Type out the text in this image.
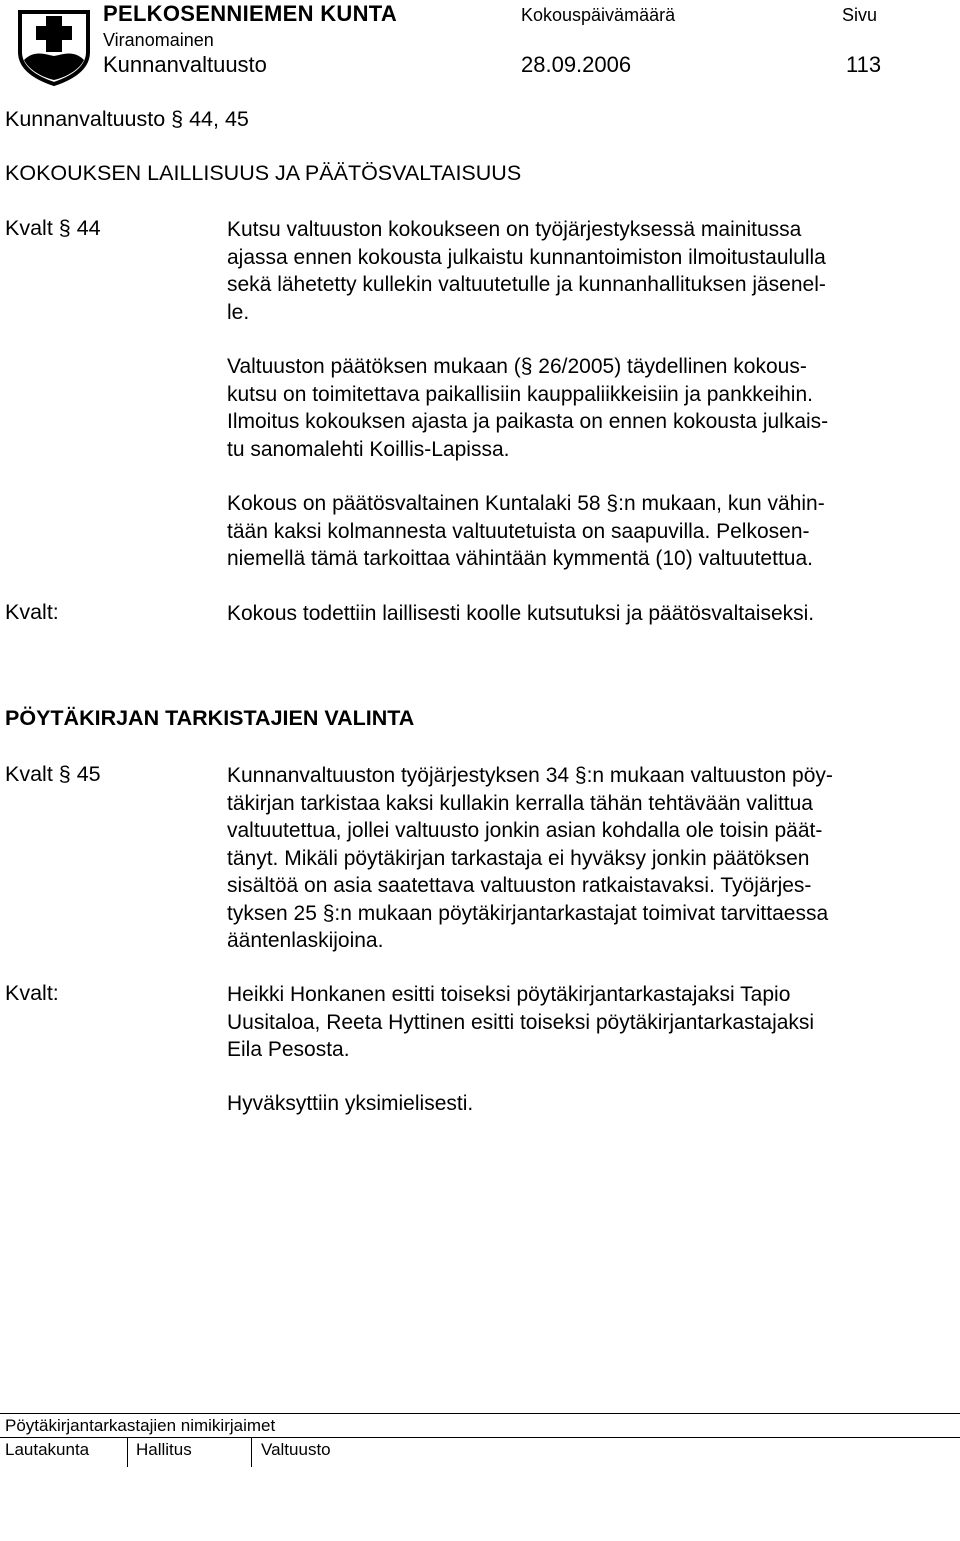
PELKOSENNIEMEN KUNTA	Kokouspäivämäärä	Sivu
Viranomainen
Kunnanvaltuusto	28.09.2006	113
Kunnanvaltuusto § 44, 45
KOKOUKSEN LAILLISUUS JA PÄÄTÖSVALTAISUUS
Kvalt § 44	Kutsu valtuuston kokoukseen on työjärjestyksessä mainitussa
ajassa ennen kokousta julkaistu kunnantoimiston ilmoitustaululla
sekä lähetetty kullekin valtuutetulle ja kunnanhallituksen jäsenel-
le.
Valtuuston päätöksen mukaan (§ 26/2005) täydellinen kokous-
kutsu on toimitettava paikallisiin kauppaliikkeisiin ja pankkeihin.
Ilmoitus kokouksen ajasta ja paikasta on ennen kokousta julkais-
tu sanomalehti Koillis-Lapissa.
Kokous on päätösvaltainen Kuntalaki 58 §:n mukaan, kun vähin-
tään kaksi kolmannesta valtuutetuista on saapuvilla. Pelkosen-
niemellä tämä tarkoittaa vähintään kymmentä (10) valtuutettua.
Kvalt:	Kokous todettiin laillisesti koolle kutsutuksi ja päätösvaltaiseksi.
PÖYTÄKIRJAN TARKISTAJIEN VALINTA
Kvalt § 45	Kunnanvaltuuston työjärjestyksen 34 §:n mukaan valtuuston pöy-
täkirjan tarkistaa kaksi kullakin kerralla tähän tehtävään valittua
valtuutettua, jollei valtuusto jonkin asian kohdalla ole toisin päät-
tänyt. Mikäli pöytäkirjan tarkastaja ei hyväksy jonkin päätöksen
sisältöä on asia saatettava valtuuston ratkaistavaksi. Työjärjes-
tyksen 25 §:n mukaan pöytäkirjantarkastajat toimivat tarvittaessa
ääntenlaskijoina.
Kvalt:	Heikki Honkanen esitti toiseksi pöytäkirjantarkastajaksi Tapio
Uusitaloa, Reeta Hyttinen esitti toiseksi pöytäkirjantarkastajaksi
Eila Pesosta.
Hyväksyttiin yksimielisesti.
Pöytäkirjantarkastajien nimikirjaimet
Lautakunta	Hallitus	Valtuusto
